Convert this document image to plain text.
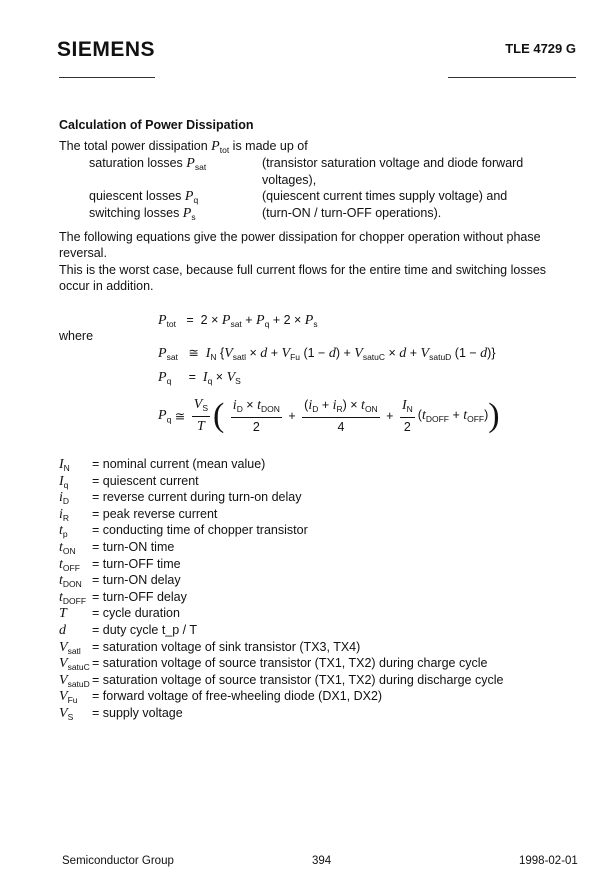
SIEMENS	TLE 4729 G
Calculation of Power Dissipation
The total power dissipation $P_{tot}$ is made up of
saturation losses $P_{sat}$	(transistor saturation voltage and diode forward
voltages),
quiescent losses $P_q$	(quiescent current times supply voltage) and
switching losses $P_s$	(turn-ON / turn-OFF operations).
The following equations give the power dissipation for chopper operation without phase
reversal.
This is the worst case, because full current flows for the entire time and switching losses
occur in addition.
$P_{tot} = 2 \times P_{sat} + P_q + 2 \times P_s$
where
$P_{sat}$   ≅  $I_N$ {$V_{satl} \times d + V_{Fu}$ $(1 - d) + V_{satuC} \times d + V_{satuD}$ (1 − d)}
$P_q$     =  $I_q \times V_S$
$P_q$ ≅ $\frac{V_S}{T}$ ( $\frac{i_D \times t_{DON}}{2} + \frac{(i_D + i_R) \times t_{ON}}{4} + \frac{I_N}{2} (t_{DOFF} + t_{OFF})$)
$I_N$ = nominal current (mean value)
$I_q$ = quiescent current
$i_D$ = reverse current during turn-on delay
$i_R$ = peak reverse current
$t_p$ = conducting time of chopper transistor
$t_{ON}$ = turn-ON time
$t_{OFF}$ = turn-OFF time
$t_{DON}$ = turn-ON delay
$t_{DOFF}$ = turn-OFF delay
T = cycle duration
d = duty cycle t_p / T
$V_{satl}$ = saturation voltage of sink transistor (TX3, TX4)
$V_{satuC}$ = saturation voltage of source transistor (TX1, TX2) during charge cycle
$V_{satuD}$ = saturation voltage of source transistor (TX1, TX2) during discharge cycle
$V_{Fu}$ = forward voltage of free-wheeling diode (DX1, DX2)
$V_S$ = supply voltage
Semiconductor Group	394	1998-02-01
